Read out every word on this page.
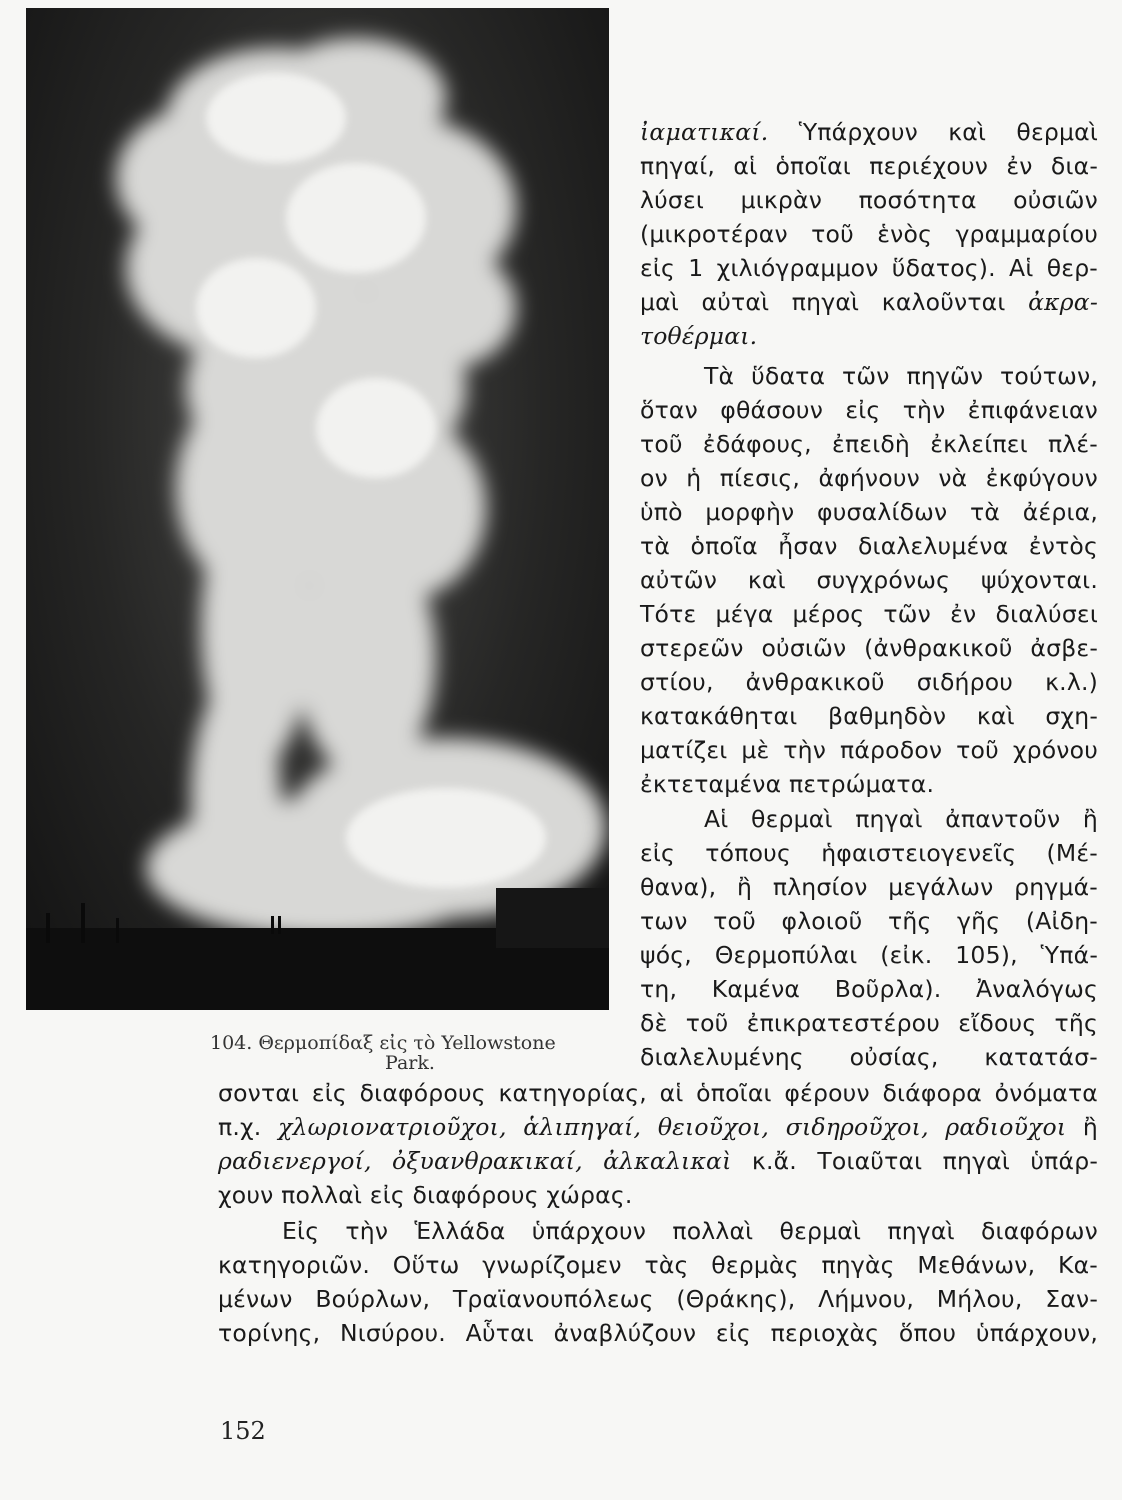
104. Θερμοπίδαξ εἰς τὸ Yellowstone
Park.
ἰαματικαί. Ὑπάρχουν καὶ θερμαὶ
πηγαί, αἱ ὁποῖαι περιέχουν ἐν δια-
λύσει μικρὰν ποσότητα οὐσιῶν
(μικροτέραν τοῦ ἑνὸς γραμμαρίου
εἰς 1 χιλιόγραμμον ὕδατος). Αἱ θερ-
μαὶ αὐταὶ πηγαὶ καλοῦνται ἀκρα-
τοθέρμαι.
Τὰ ὕδατα τῶν πηγῶν τούτων,
ὅταν φθάσουν εἰς τὴν ἐπιφάνειαν
τοῦ ἐδάφους, ἐπειδὴ ἐκλείπει πλέ-
ον ἡ πίεσις, ἀφήνουν νὰ ἐκφύγουν
ὑπὸ μορφὴν φυσαλίδων τὰ ἀέρια,
τὰ ὁποῖα ἦσαν διαλελυμένα ἐντὸς
αὐτῶν καὶ συγχρόνως ψύχονται.
Τότε μέγα μέρος τῶν ἐν διαλύσει
στερεῶν οὐσιῶν (ἀνθρακικοῦ ἀσβε-
στίου, ἀνθρακικοῦ σιδήρου κ.λ.)
κατακάθηται βαθμηδὸν καὶ σχη-
ματίζει μὲ τὴν πάροδον τοῦ χρόνου
ἐκτεταμένα πετρώματα.
Αἱ θερμαὶ πηγαὶ ἀπαντοῦν ἢ
εἰς τόπους ἡφαιστειογενεῖς (Μέ-
θανα), ἢ πλησίον μεγάλων ρηγμά-
των τοῦ φλοιοῦ τῆς γῆς (Αἰδη-
ψός, Θερμοπύλαι (εἰκ. 105), Ὑπά-
τη, Καμένα Βοῦρλα). Ἀναλόγως
δὲ τοῦ ἐπικρατεστέρου εἴδους τῆς
διαλελυμένης οὐσίας, κατατάσ-
σονται εἰς διαφόρους κατηγορίας, αἱ ὁποῖαι φέρουν διάφορα ὀνόματα
π.χ. χλωριονατριοῦχοι, ἁλιπηγαί, θειοῦχοι, σιδηροῦχοι, ραδιοῦχοι ἢ
ραδιενεργοί, ὀξυανθρακικαί, ἀλκαλικαὶ κ.ἄ. Τοιαῦται πηγαὶ ὑπάρ-
χουν πολλαὶ εἰς διαφόρους χώρας.
Εἰς τὴν Ἑλλάδα ὑπάρχουν πολλαὶ θερμαὶ πηγαὶ διαφόρων
κατηγοριῶν. Οὕτω γνωρίζομεν τὰς θερμὰς πηγὰς Μεθάνων, Κα-
μένων Βούρλων, Τραϊανουπόλεως (Θράκης), Λήμνου, Μήλου, Σαν-
τορίνης, Νισύρου. Αὗται ἀναβλύζουν εἰς περιοχὰς ὅπου ὑπάρχουν,
152
